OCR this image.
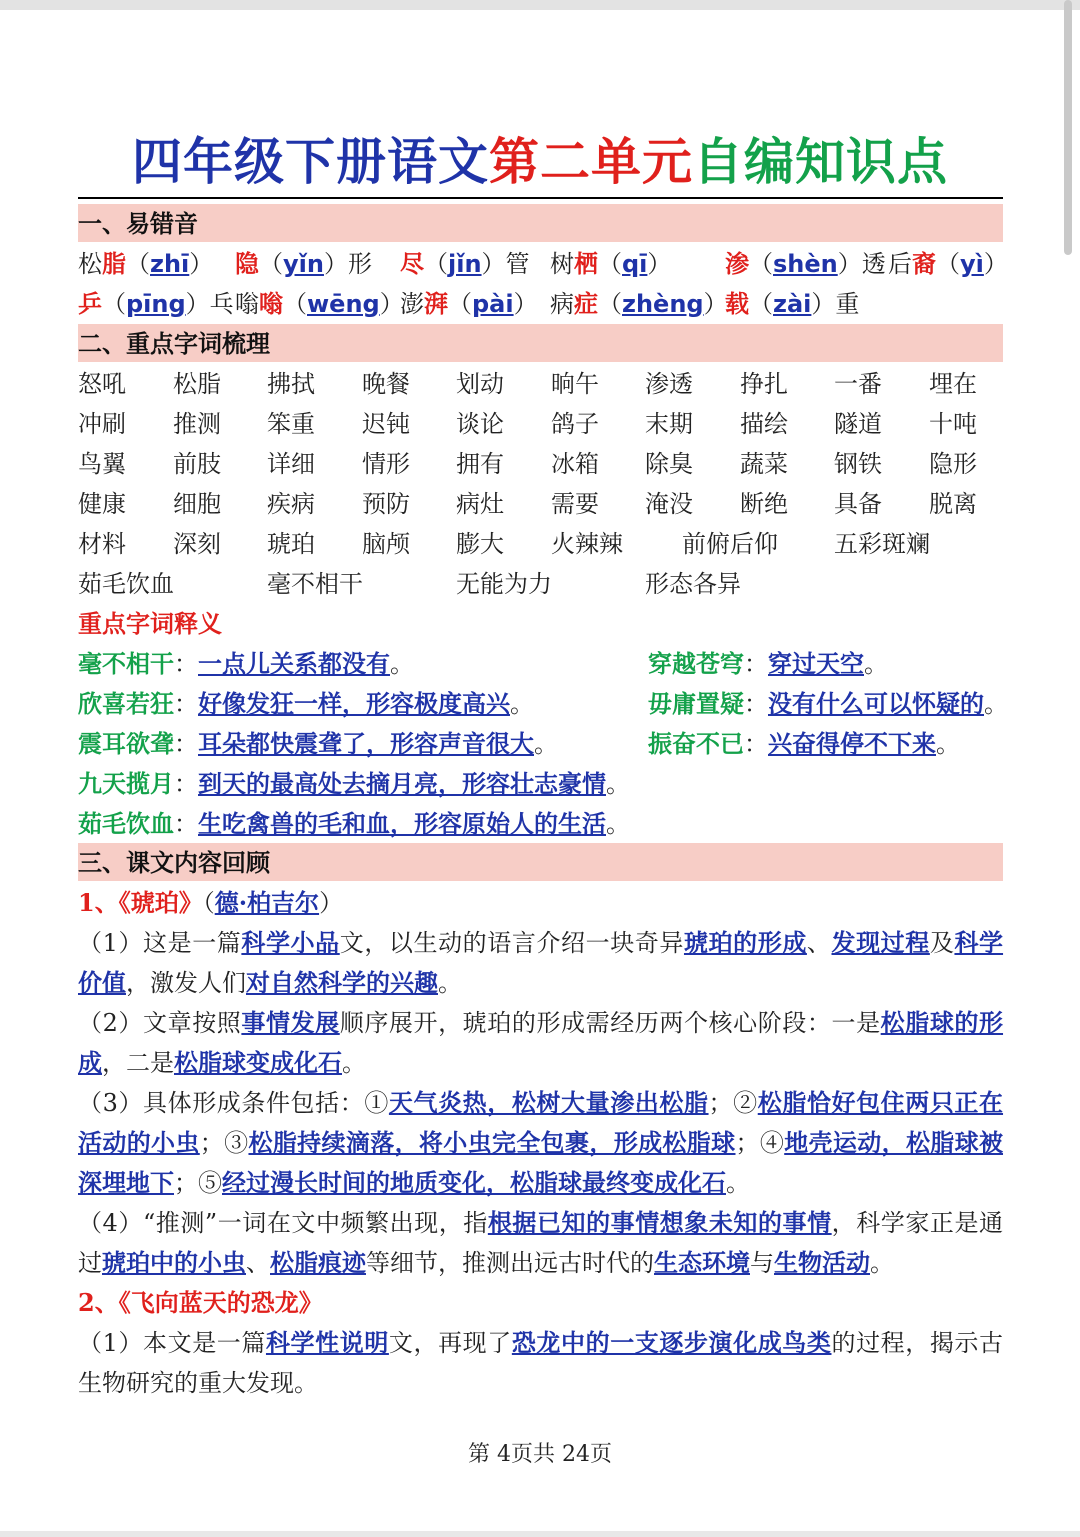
四年级下册语文第二单元自编知识点
一、易错音
松脂（zhī） 隐（yǐn）形 尽（jǐn）管 树栖（qī） 渗（shèn）透 后裔（yì）
乒（pīng）乓 嗡嗡（wēng）
澎湃（pài） 病症（zhèng）
载（zài）重
二、重点字词梳理
怒吼 松脂 拂拭 晚餐 划动 晌午 渗透 挣扎 一番 埋在
冲刷 推测 笨重 迟钝 谈论 鸽子 末期 描绘 隧道 十吨
鸟翼 前肢 详细 情形 拥有 冰箱 除臭 蔬菜 钢铁 隐形
健康 细胞 疾病 预防 病灶 需要 淹没 断绝 具备 脱离
材料 深刻 琥珀 脑颅 膨大 火辣辣 前俯后仰 五彩斑斓
茹毛饮血	毫不相干	无能为力	形态各异
重点字词释义
毫不相干：一点儿关系都没有。	穿越苍穹：穿过天空。
欣喜若狂：好像发狂一样，形容极度高兴。	毋庸置疑：没有什么可以怀疑的。
震耳欲聋：耳朵都快震聋了，形容声音很大。	振奋不已：兴奋得停不下来。
九天揽月：到天的最高处去摘月亮，形容壮志豪情。
茹毛饮血：生吃禽兽的毛和血，形容原始人的生活。
三、课文内容回顾
1、《琥珀》（德·柏吉尔）
（1）这是一篇科学小品文，以生动的语言介绍一块奇异琥珀的形成、发现过程及科学价值，激发人们对自然科学的兴趣。
（2）文章按照事情发展顺序展开，琥珀的形成需经历两个核心阶段：一是松脂球的形成，二是松脂球变成化石。
（3）具体形成条件包括：①天气炎热，松树大量渗出松脂；②松脂恰好包住两只正在活动的小虫；③松脂持续滴落，将小虫完全包裹，形成松脂球；④地壳运动，松脂球被深埋地下；⑤经过漫长时间的地质变化，松脂球最终变成化石。
（4）“推测”一词在文中频繁出现，指根据已知的事情想象未知的事情，科学家正是通过琥珀中的小虫、松脂痕迹等细节，推测出远古时代的生态环境与生物活动。
2、《飞向蓝天的恐龙》
（1）本文是一篇科学性说明文，再现了恐龙中的一支逐步演化成鸟类的过程，揭示古生物研究的重大发现。
第 4页共 24页
